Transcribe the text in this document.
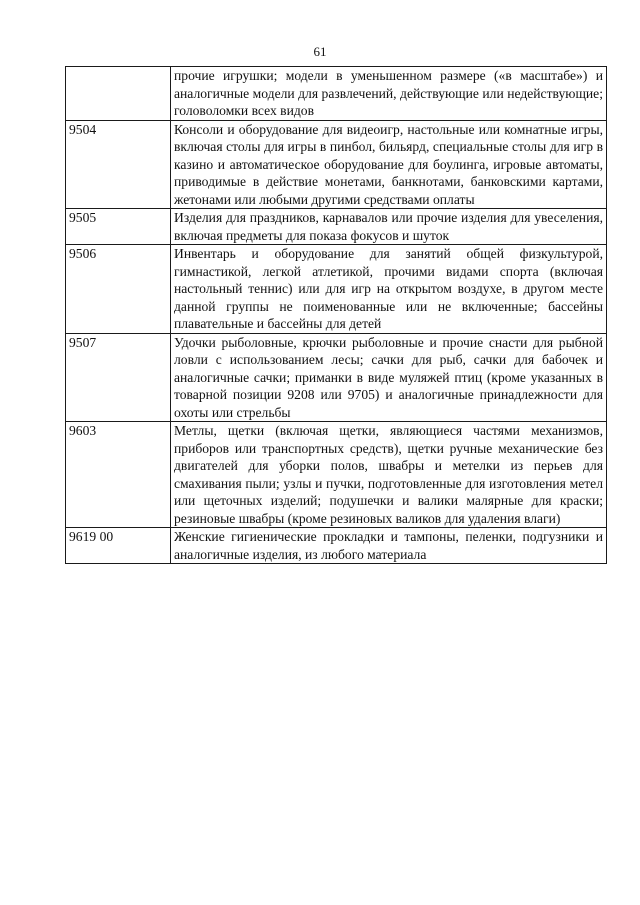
61
	прочие игрушки; модели в уменьшенном размере («в масштабе») и аналогичные модели для развлечений, действующие или недействующие; головоломки всех видов
9504	Консоли и оборудование для видеоигр, настольные или комнатные игры, включая столы для игры в пинбол, бильярд, специальные столы для игр в казино и автоматическое оборудование для боулинга, игровые автоматы, приводимые в действие монетами, банкнотами, банковскими картами, жетонами или любыми другими средствами оплаты
9505	Изделия для праздников, карнавалов или прочие изделия для увеселения, включая предметы для показа фокусов и шуток
9506	Инвентарь и оборудование для занятий общей физкультурой, гимнастикой, легкой атлетикой, прочими видами спорта (включая настольный теннис) или для игр на открытом воздухе, в другом месте данной группы не поименованные или не включенные; бассейны плавательные и бассейны для детей
9507	Удочки рыболовные, крючки рыболовные и прочие снасти для рыбной ловли с использованием лесы; сачки для рыб, сачки для бабочек и аналогичные сачки; приманки в виде муляжей птиц (кроме указанных в товарной позиции 9208 или 9705) и аналогичные принадлежности для охоты или стрельбы
9603	Метлы, щетки (включая щетки, являющиеся частями механизмов, приборов или транспортных средств), щетки ручные механические без двигателей для уборки полов, швабры и метелки из перьев для смахивания пыли; узлы и пучки, подготовленные для изготовления метел или щеточных изделий; подушечки и валики малярные для краски; резиновые швабры (кроме резиновых валиков для удаления влаги)
9619 00	Женские гигиенические прокладки и тампоны, пеленки, подгузники и аналогичные изделия, из любого материала
